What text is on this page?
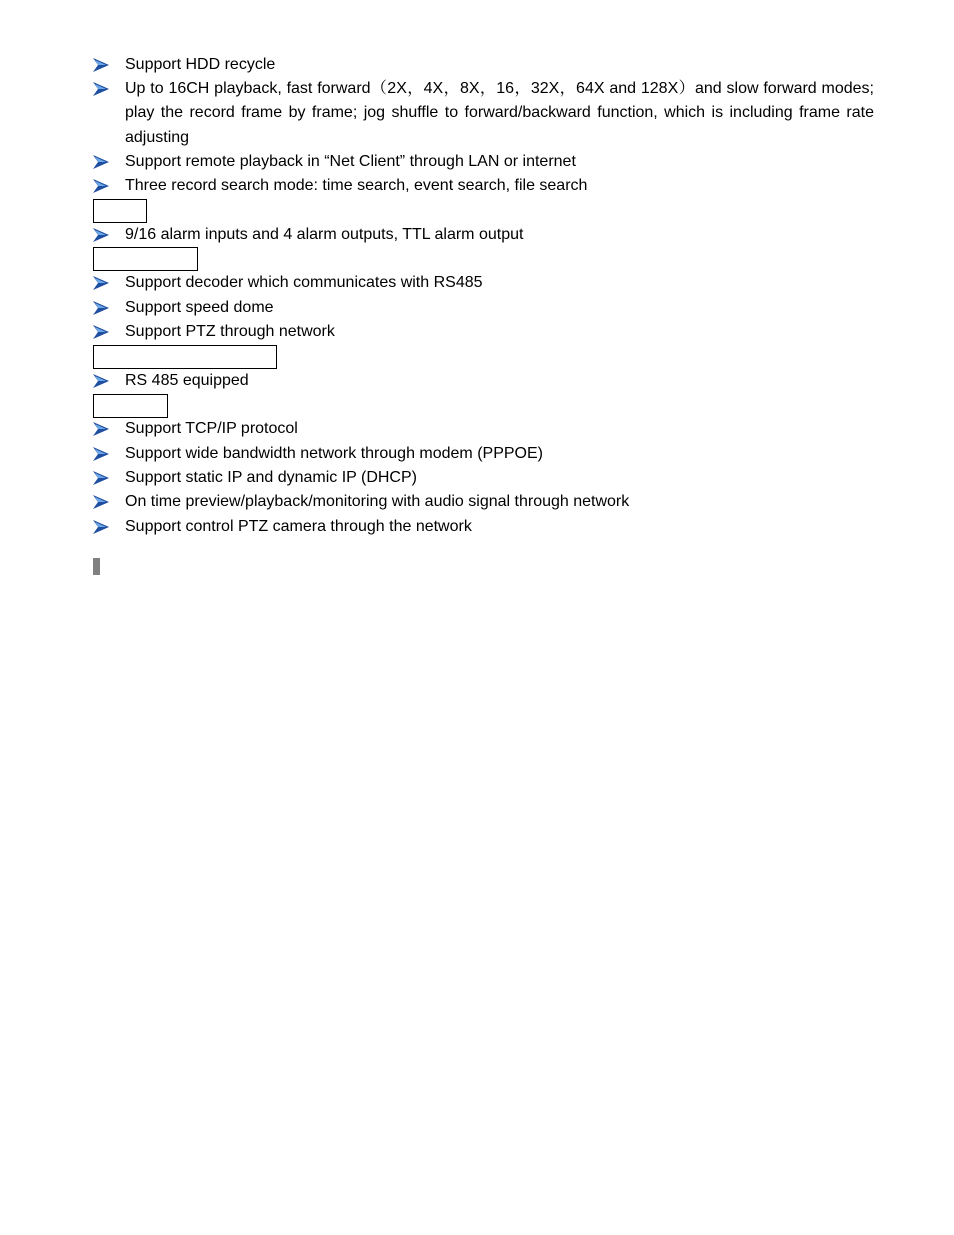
Support HDD recycle
Up to 16CH playback, fast forward（2X，4X，8X，16，32X，64X and 128X）and slow forward modes; play the record frame by frame; jog shuffle to forward/backward function, which is including frame rate adjusting
Support remote playback in “Net Client” through LAN or internet
Three record search mode: time search, event search, file search
9/16 alarm inputs and 4 alarm outputs, TTL alarm output
Support decoder which communicates with RS485
Support speed dome
Support PTZ through network
RS 485 equipped
Support TCP/IP protocol
Support wide bandwidth network through modem (PPPOE)
Support static IP and dynamic IP (DHCP)
On time preview/playback/monitoring with audio signal through network
Support control PTZ camera through the network
